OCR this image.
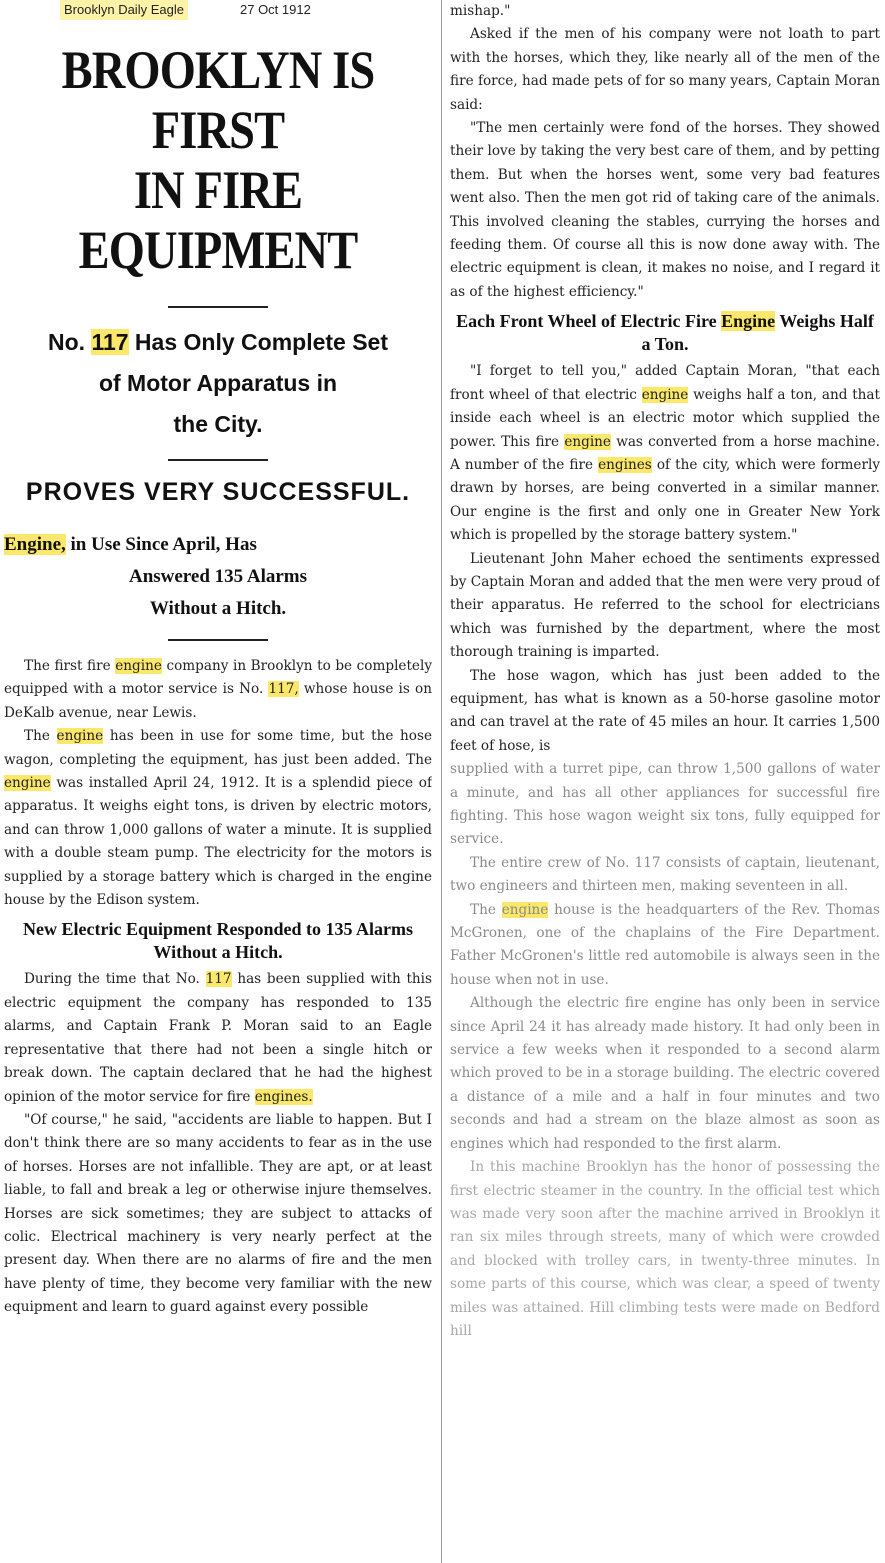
BROOKLYN IS FIRST
IN FIRE EQUIPMENT
No. 117 Has Only Complete Set
of Motor Apparatus in
the City.
PROVES VERY SUCCESSFUL.
Engine, in Use Since April, Has
Answered 135 Alarms
Without a Hitch.

The first fire engine company in Brooklyn to be completely equipped with a motor service is No. 117, whose house is on DeKalb avenue, near Lewis.

The engine has been in use for some time, but the hose wagon, completing the equipment, has just been added. The engine was installed April 24, 1912. It is a splendid piece of apparatus. It weighs eight tons, is driven by electric motors, and can throw 1,000 gallons of water a minute. It is supplied with a double steam pump. The electricity for the motors is supplied by a storage battery which is charged in the engine house by the Edison system.

New Electric Equipment Responded to 135 Alarms Without a Hitch.

During the time that No. 117 has been supplied with this electric equipment the company has responded to 135 alarms, and Captain Frank P. Moran said to an Eagle representative that there had not been a single hitch or break down. The captain declared that he had the highest opinion of the motor service for fire engines.

"Of course," he said, "accidents are liable to happen. But I don't think there are so many accidents to fear as in the use of horses. Horses are not infallible. They are apt, or at least liable, to fall and break a leg or otherwise injure themselves. Horses are sick sometimes; they are subject to attacks of colic. Electrical machinery is very nearly perfect at the present day. When there are no alarms of fire and the men have plenty of time, they become very familiar with the new equipment and learn to guard against every possible

mishap."

Asked if the men of his company were not loath to part with the horses, which they, like nearly all of the men of the fire force, had made pets of for so many years, Captain Moran said:

"The men certainly were fond of the horses. They showed their love by taking the very best care of them, and by petting them. But when the horses went, some very bad features went also. Then the men got rid of taking care of the animals. This involved cleaning the stables, currying the horses and feeding them. Of course all this is now done away with. The electric equipment is clean, it makes no noise, and I regard it as of the highest efficiency."

Each Front Wheel of Electric Fire Engine Weighs Half a Ton.

"I forget to tell you," added Captain Moran, "that each front wheel of that electric engine weighs half a ton, and that inside each wheel is an electric motor which supplied the power. This fire engine was converted from a horse machine. A number of the fire engines of the city, which were formerly drawn by horses, are being converted in a similar manner. Our engine is the first and only one in Greater New York which is propelled by the storage battery system."

Lieutenant John Maher echoed the sentiments expressed by Captain Moran and added that the men were very proud of their apparatus. He referred to the school for electricians which was furnished by the department, where the most thorough training is imparted.

The hose wagon, which has just been added to the equipment, has what is known as a 50-horse gasoline motor and can travel at the rate of 45 miles an hour. It carries 1,500 feet of hose, is

supplied with a turret pipe, can throw 1,500 gallons of water a minute, and has all other appliances for successful fire fighting. This hose wagon weight six tons, fully equipped for service.

The entire crew of No. 117 consists of captain, lieutenant, two engineers and thirteen men, making seventeen in all.

The engine house is the headquarters of the Rev. Thomas McGronen, one of the chaplains of the Fire Department. Father McGronen's little red automobile is always seen in the house when not in use.

Although the electric fire engine has only been in service since April 24 it has already made history. It had only been in service a few weeks when it responded to a second alarm which proved to be in a storage building. The electric covered a distance of a mile and a half in four minutes and two seconds and had a stream on the blaze almost as soon as engines which had responded to the first alarm.

In this machine Brooklyn has the honor of possessing the first electric steamer in the country. In the official test which was made very soon after the machine arrived in Brooklyn it ran six miles through streets, many of which were crowded and blocked with trolley cars, in twenty-three minutes. In some parts of this course, which was clear, a speed of twenty miles was attained. Hill climbing tests were made on Bedford hill

Brooklyn Daily Eagle	27 Oct 1912
